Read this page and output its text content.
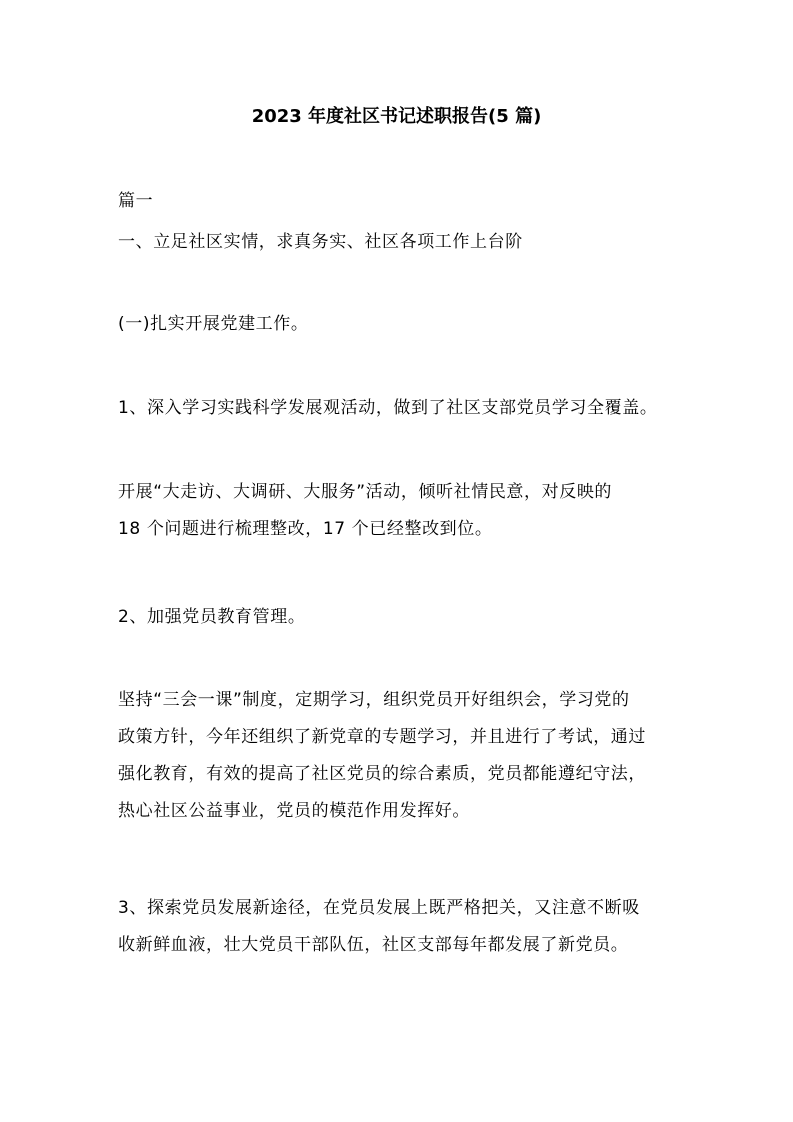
2023 年度社区书记述职报告(5 篇)
篇一
一、立足社区实情，求真务实、社区各项工作上台阶
(一)扎实开展党建工作。
1、深入学习实践科学发展观活动，做到了社区支部党员学习全覆盖。
开展“大走访、大调研、大服务”活动，倾听社情民意，对反映的
18 个问题进行梳理整改，17 个已经整改到位。
2、加强党员教育管理。
坚持“三会一课”制度，定期学习，组织党员开好组织会，学习党的
政策方针，今年还组织了新党章的专题学习，并且进行了考试，通过
强化教育，有效的提高了社区党员的综合素质，党员都能遵纪守法，
热心社区公益事业，党员的模范作用发挥好。
3、探索党员发展新途径，在党员发展上既严格把关，又注意不断吸
收新鲜血液，壮大党员干部队伍，社区支部每年都发展了新党员。
